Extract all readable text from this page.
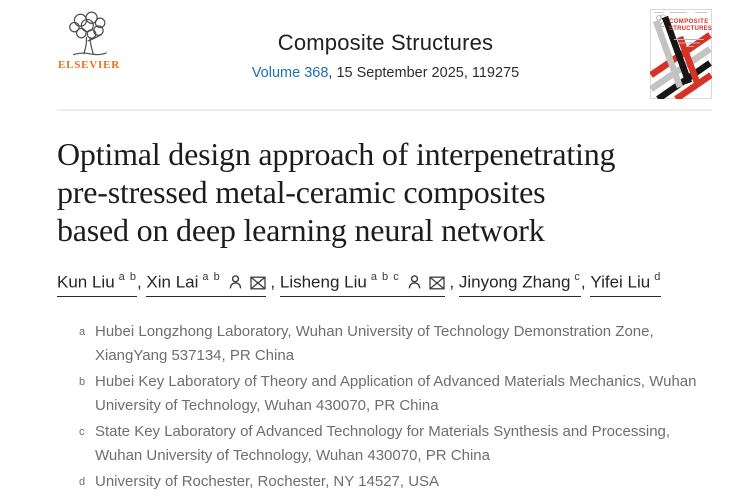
ELSEVIER
Composite Structures
Volume 368, 15 September 2025, 119275
COMPOSITE
STRUCTURES
Optimal design approach of interpenetrating
pre-stressed metal-ceramic composites
based on deep learning neural network
Kun Liu $^{a b}$, Xin Lai $^{a b}$	, Lisheng Liu $^{a b c}$	, Jinyong Zhang $^c$, Yifei Liu $^d$
a Hubei Longzhong Laboratory, Wuhan University of Technology Demonstration Zone, XiangYang 537134, PR China
b Hubei Key Laboratory of Theory and Application of Advanced Materials Mechanics, Wuhan University of Technology, Wuhan 430070, PR China
c State Key Laboratory of Advanced Technology for Materials Synthesis and Processing, Wuhan University of Technology, Wuhan 430070, PR China
d University of Rochester, Rochester, NY 14527, USA
